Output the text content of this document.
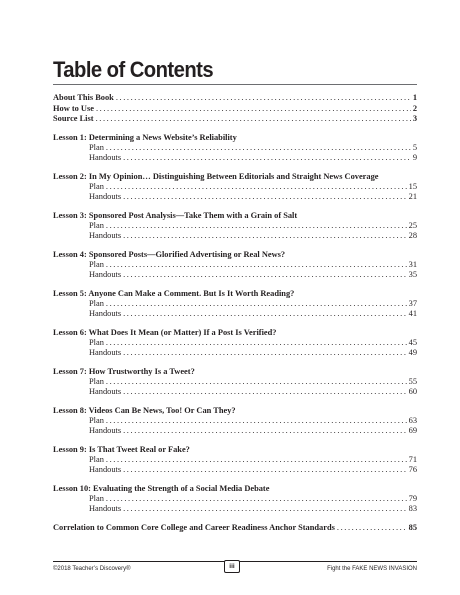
Table of Contents
About This Book .....	1
How to Use .....	2
Source List .....	3
Lesson 1: Determining a News Website’s Reliability
Plan .....	5
Handouts .....	9
Lesson 2: In My Opinion… Distinguishing Between Editorials and Straight News Coverage
Plan .....	15
Handouts .....	21
Lesson 3: Sponsored Post Analysis—Take Them with a Grain of Salt
Plan .....	25
Handouts .....	28
Lesson 4: Sponsored Posts—Glorified Advertising or Real News?
Plan .....	31
Handouts .....	35
Lesson 5: Anyone Can Make a Comment. But Is It Worth Reading?
Plan .....	37
Handouts .....	41
Lesson 6: What Does It Mean (or Matter) If a Post Is Verified?
Plan .....	45
Handouts .....	49
Lesson 7: How Trustworthy Is a Tweet?
Plan .....	55
Handouts .....	60
Lesson 8: Videos Can Be News, Too! Or Can They?
Plan .....	63
Handouts .....	69
Lesson 9: Is That Tweet Real or Fake?
Plan .....	71
Handouts .....	76
Lesson 10: Evaluating the Strength of a Social Media Debate
Plan .....	79
Handouts .....	83
Correlation to Common Core College and Career Readiness Anchor Standards .....	85
©2018 Teacher’s Discovery®	iii	Fight the FAKE NEWS INVASION
